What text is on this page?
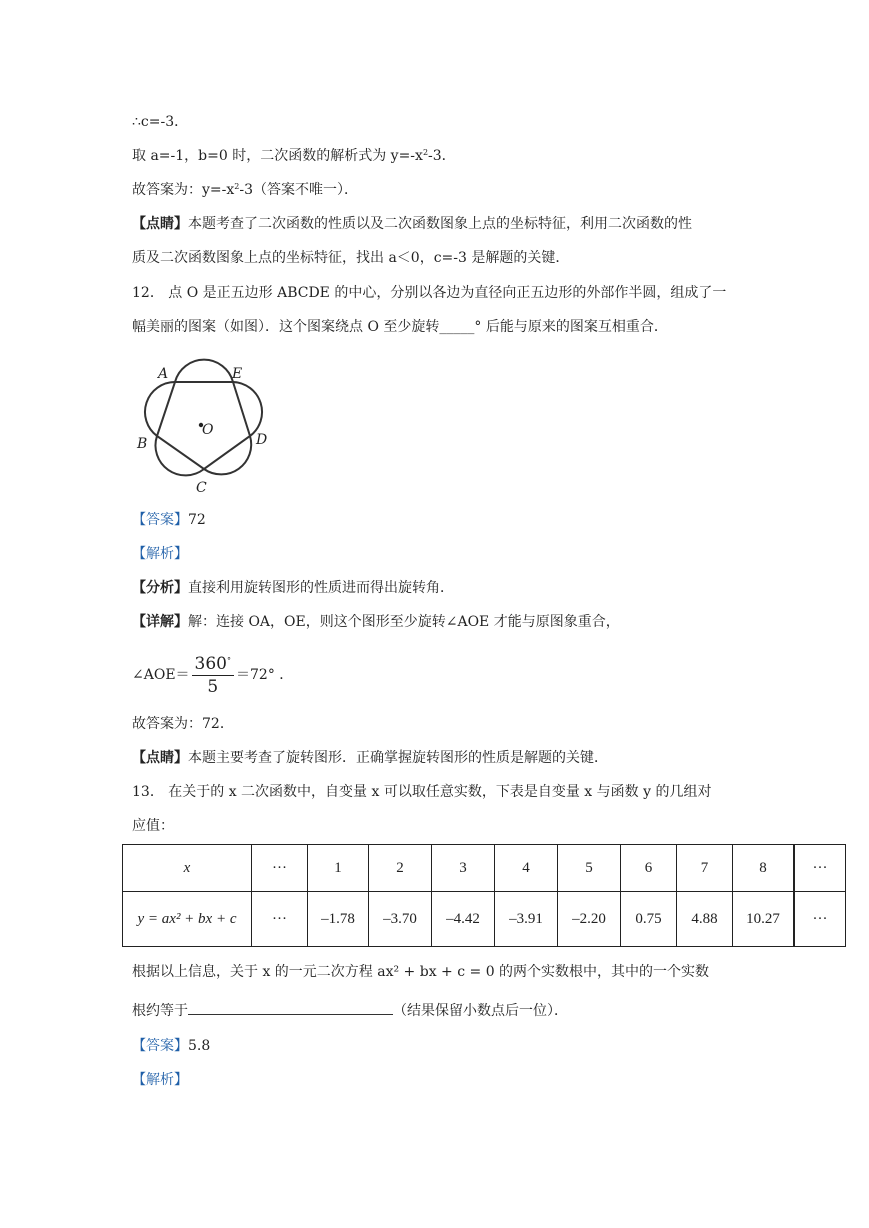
∴c=-3．
取 a=-1，b=0 时，二次函数的解析式为 $y=-x^2-3$．
故答案为：$y=-x^2-3$（答案不唯一）．
【点睛】本题考查了二次函数的性质以及二次函数图象上点的坐标特征，利用二次函数的性
质及二次函数图象上点的坐标特征，找出 a＜0，c=-3 是解题的关键．
12． 点 O 是正五边形 ABCDE 的中心，分别以各边为直径向正五边形的外部作半圆，组成了一
幅美丽的图案（如图）．这个图案绕点 O 至少旋转_____° 后能与原来的图案互相重合．
A	E
D
C
B
O
【答案】72
【解析】
【分析】直接利用旋转图形的性质进而得出旋转角．
【详解】解：连接 OA，OE，则这个图形至少旋转∠AOE 才能与原图象重合，
∠AOE＝ $\frac{360^\circ}{5} =72^\circ$ ．
故答案为：72．
【点睛】本题主要考查了旋转图形．正确掌握旋转图形的性质是解题的关键．
13． 在关于的 x 二次函数中，自变量 x 可以取任意实数，下表是自变量 x 与函数 y 的几组对
应值：
x	···	1	2	3	4	5	6	7	8	···
y = ax² + bx + c	···	–1.78	–3.70	–4.42	–3.91	–2.20	0.75	4.88	10.27	···
根据以上信息，关于 x 的一元二次方程 ax² + bx + c = 0 的两个实数根中，其中的一个实数
根约等于	（结果保留小数点后一位）．
【答案】5.8
【解析】
